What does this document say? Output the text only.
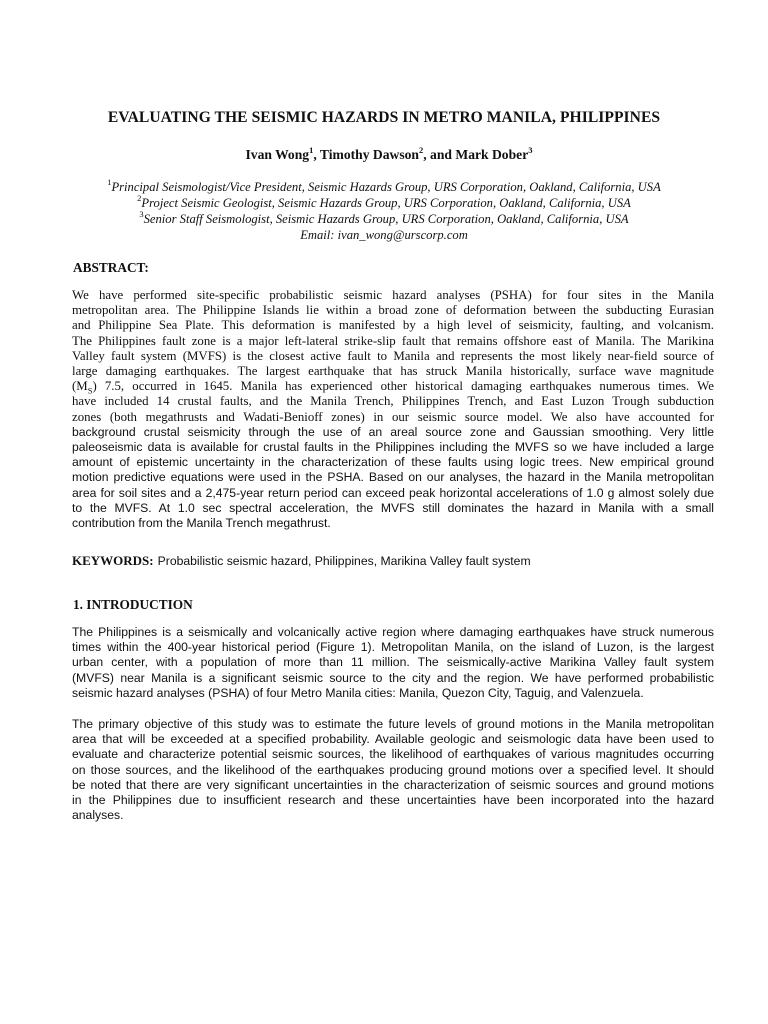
EVALUATING THE SEISMIC HAZARDS IN METRO MANILA, PHILIPPINES
Ivan Wong$^1$, Timothy Dawson$^2$, and Mark Dober$^3$
$^1$Principal Seismologist/Vice President, Seismic Hazards Group, URS Corporation, Oakland, California, USA
$^2$Project Seismic Geologist, Seismic Hazards Group, URS Corporation, Oakland, California, USA
$^3$Senior Staff Seismologist, Seismic Hazards Group, URS Corporation, Oakland, California, USA
Email: ivan_wong@urscorp.com
ABSTRACT:
We have performed site-specific probabilistic seismic hazard analyses (PSHA) for four sites in the Manila
metropolitan area. The Philippine Islands lie within a broad zone of deformation between the subducting Eurasian
and Philippine Sea Plate. This deformation is manifested by a high level of seismicity, faulting, and volcanism.
The Philippines fault zone is a major left-lateral strike-slip fault that remains offshore east of Manila. The Marikina
Valley fault system (MVFS) is the closest active fault to Manila and represents the most likely near-field source of
large damaging earthquakes. The largest earthquake that has struck Manila historically, surface wave magnitude
$(M_S)$ 7.5, occurred in 1645. Manila has experienced other historical damaging earthquakes numerous times. We
have included 14 crustal faults, and the Manila Trench, Philippines Trench, and East Luzon Trough subduction
zones (both megathrusts and Wadati-Benioff zones) in our seismic source model. We also have accounted for
background crustal seismicity through the use of an areal source zone and Gaussian smoothing. Very little
paleoseismic data is available for crustal faults in the Philippines including the MVFS so we have included a large
amount of epistemic uncertainty in the characterization of these faults using logic trees. New empirical ground
motion predictive equations were used in the PSHA. Based on our analyses, the hazard in the Manila metropolitan
area for soil sites and a 2,475-year return period can exceed peak horizontal accelerations of 1.0 g almost solely due
to the MVFS. At 1.0 sec spectral acceleration, the MVFS still dominates the hazard in Manila with a small
contribution from the Manila Trench megathrust.
KEYWORDS: Probabilistic seismic hazard, Philippines, Marikina Valley fault system
1. INTRODUCTION
The Philippines is a seismically and volcanically active region where damaging earthquakes have struck numerous
times within the 400-year historical period (Figure 1). Metropolitan Manila, on the island of Luzon, is the largest
urban center, with a population of more than 11 million. The seismically-active Marikina Valley fault system
(MVFS) near Manila is a significant seismic source to the city and the region. We have performed probabilistic
seismic hazard analyses (PSHA) of four Metro Manila cities: Manila, Quezon City, Taguig, and Valenzuela.
The primary objective of this study was to estimate the future levels of ground motions in the Manila metropolitan
area that will be exceeded at a specified probability. Available geologic and seismologic data have been used to
evaluate and characterize potential seismic sources, the likelihood of earthquakes of various magnitudes occurring
on those sources, and the likelihood of the earthquakes producing ground motions over a specified level. It should
be noted that there are very significant uncertainties in the characterization of seismic sources and ground motions
in the Philippines due to insufficient research and these uncertainties have been incorporated into the hazard
analyses.
